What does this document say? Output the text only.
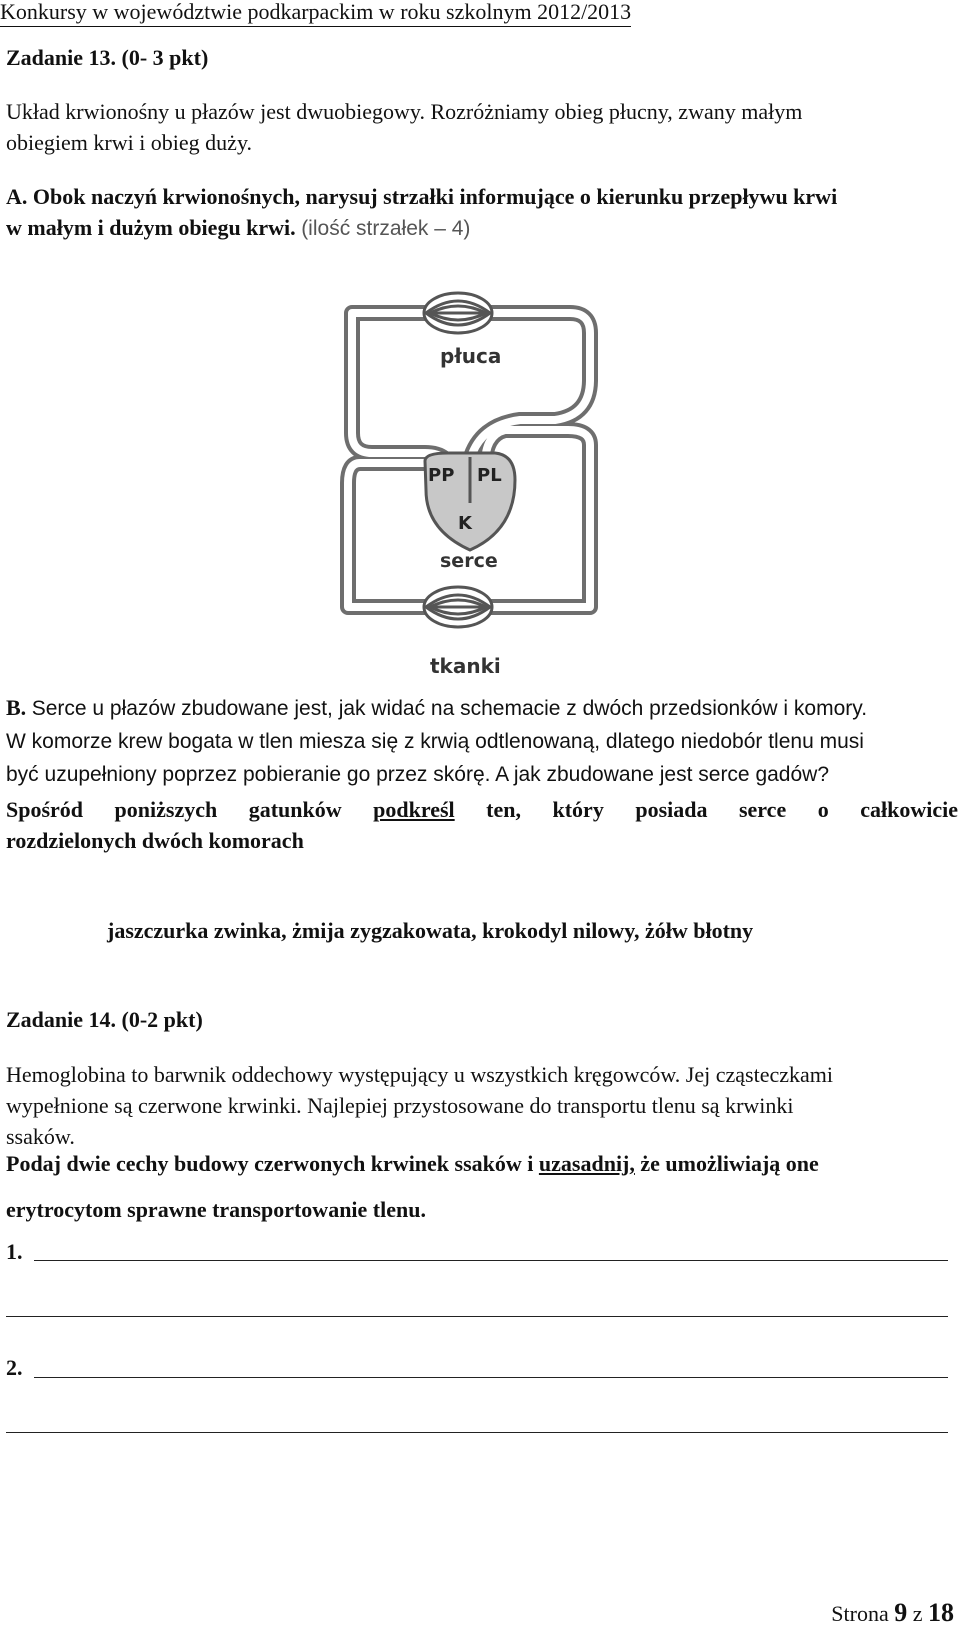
Konkursy w województwie podkarpackim w roku szkolnym 2012/2013
Zadanie 13. (0- 3 pkt)
Układ krwionośny u płazów jest dwuobiegowy. Rozróżniamy obieg płucny, zwany małym
obiegiem krwi i obieg duży.
A. Obok naczyń krwionośnych, narysuj strzałki informujące o kierunku przepływu krwi
w małym i dużym obiegu krwi. (ilość strzałek – 4)
płuca
PP PL
K
serce
tkanki
B. Serce u płazów zbudowane jest, jak widać na schemacie z dwóch przedsionków i komory.
W komorze krew bogata w tlen miesza się z krwią odtlenowaną, dlatego niedobór tlenu musi
być uzupełniony poprzez pobieranie go przez skórę. A jak zbudowane jest serce gadów?
Spośród poniższych gatunków podkreśl ten, który posiada serce o całkowicie
rozdzielonych dwóch komorach
jaszczurka zwinka, żmija zygzakowata, krokodyl nilowy, żółw błotny
Zadanie 14. (0-2 pkt)
Hemoglobina to barwnik oddechowy występujący u wszystkich kręgowców. Jej cząsteczkami
wypełnione są czerwone krwinki. Najlepiej przystosowane do transportu tlenu są krwinki
ssaków.
Podaj dwie cechy budowy czerwonych krwinek ssaków i uzasadnij, że umożliwiają one
erytrocytom sprawne transportowanie tlenu.
1.
2.
Strona 9 z 18
